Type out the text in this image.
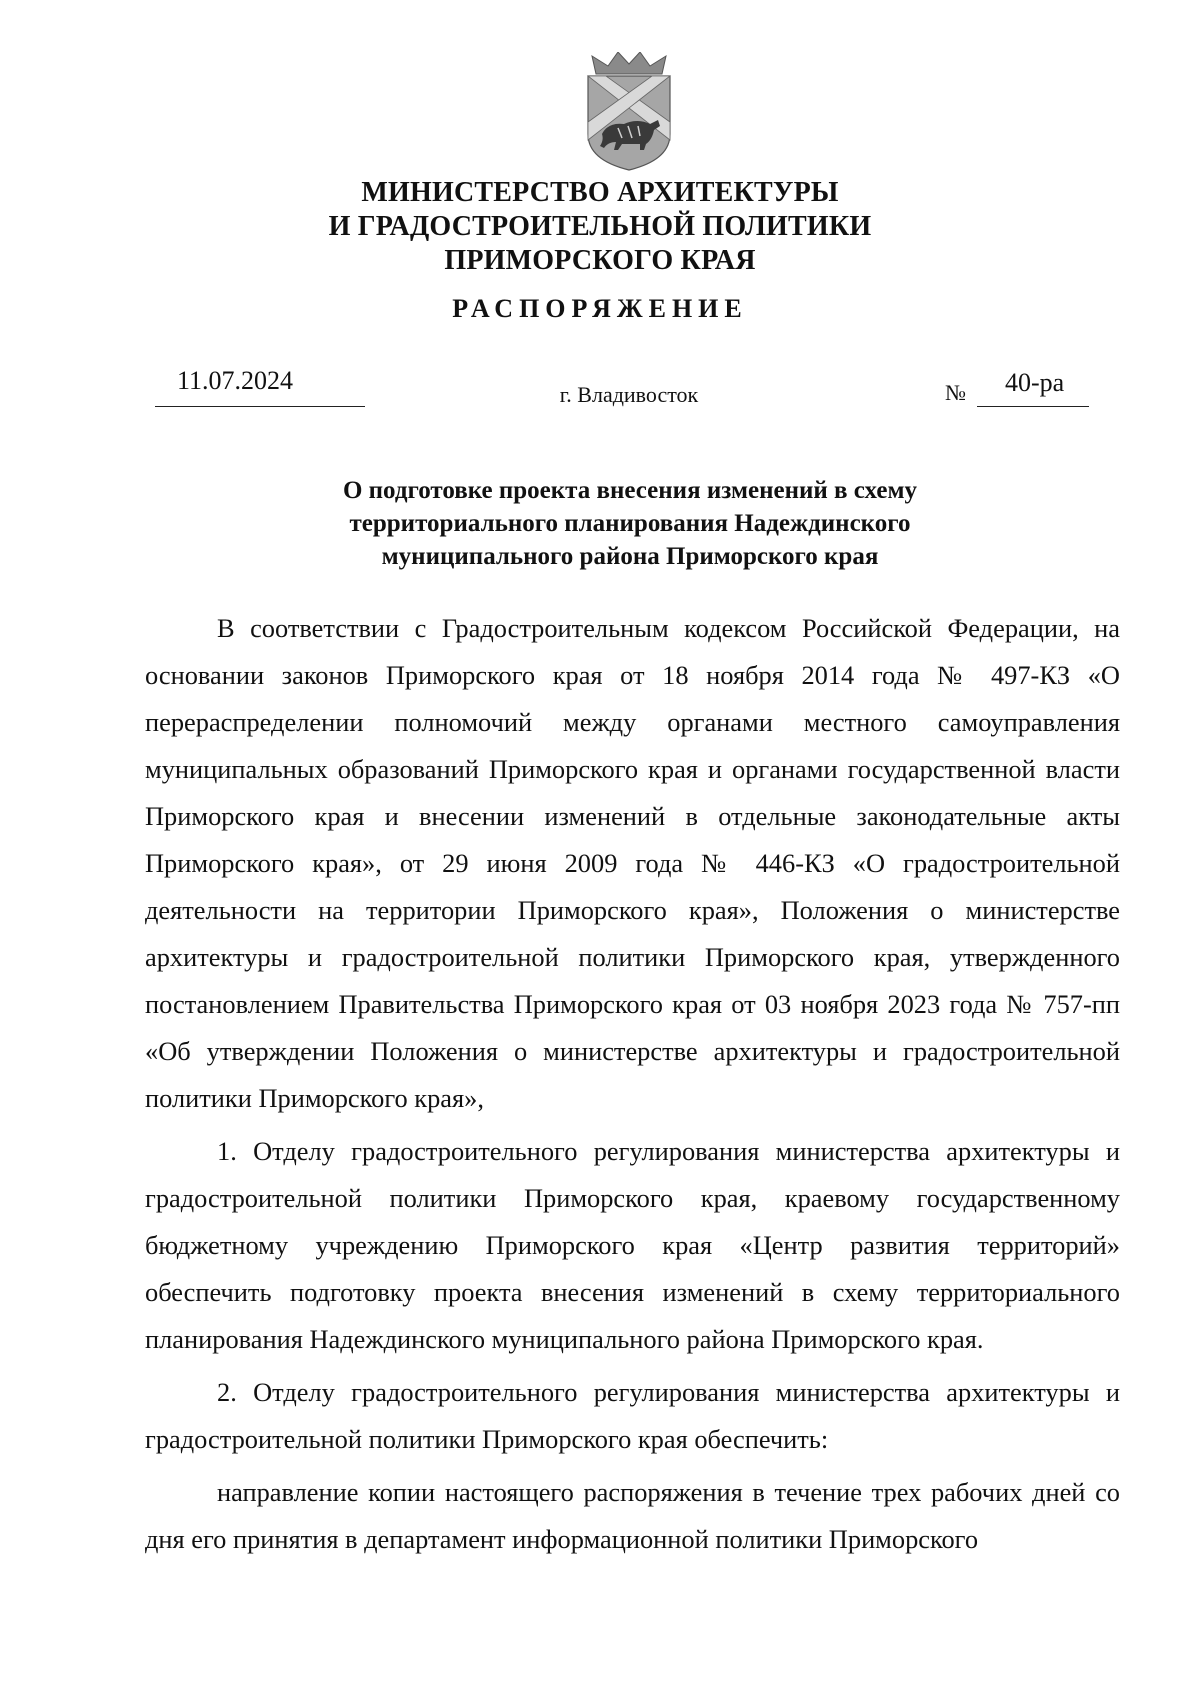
МИНИСТЕРСТВО АРХИТЕКТУРЫ
И ГРАДОСТРОИТЕЛЬНОЙ ПОЛИТИКИ
ПРИМОРСКОГО КРАЯ
РАСПОРЯЖЕНИЕ
11.07.2024	г. Владивосток	№	40-ра
О подготовке проекта внесения изменений в схему
территориального планирования Надеждинского
муниципального района Приморского края

В соответствии с Градостроительным кодексом Российской Федерации, на основании законов Приморского края от 18 ноября 2014 года № 497-КЗ «О перераспределении полномочий между органами местного самоуправления муниципальных образований Приморского края и органами государственной власти Приморского края и внесении изменений в отдельные законодательные акты Приморского края», от 29 июня 2009 года № 446-КЗ «О градостроительной деятельности на территории Приморского края», Положения о министерстве архитектуры и градостроительной политики Приморского края, утвержденного постановлением Правительства Приморского края от 03 ноября 2023 года № 757-пп «Об утверждении Положения о министерстве архитектуры и градостроительной политики Приморского края»,

1. Отделу градостроительного регулирования министерства архитектуры и градостроительной политики Приморского края, краевому государственному бюджетному учреждению Приморского края «Центр развития территорий» обеспечить подготовку проекта внесения изменений в схему территориального планирования Надеждинского муниципального района Приморского края.

2. Отделу градостроительного регулирования министерства архитектуры и градостроительной политики Приморского края обеспечить:

направление копии настоящего распоряжения в течение трех рабочих дней со дня его принятия в департамент информационной политики Приморского
